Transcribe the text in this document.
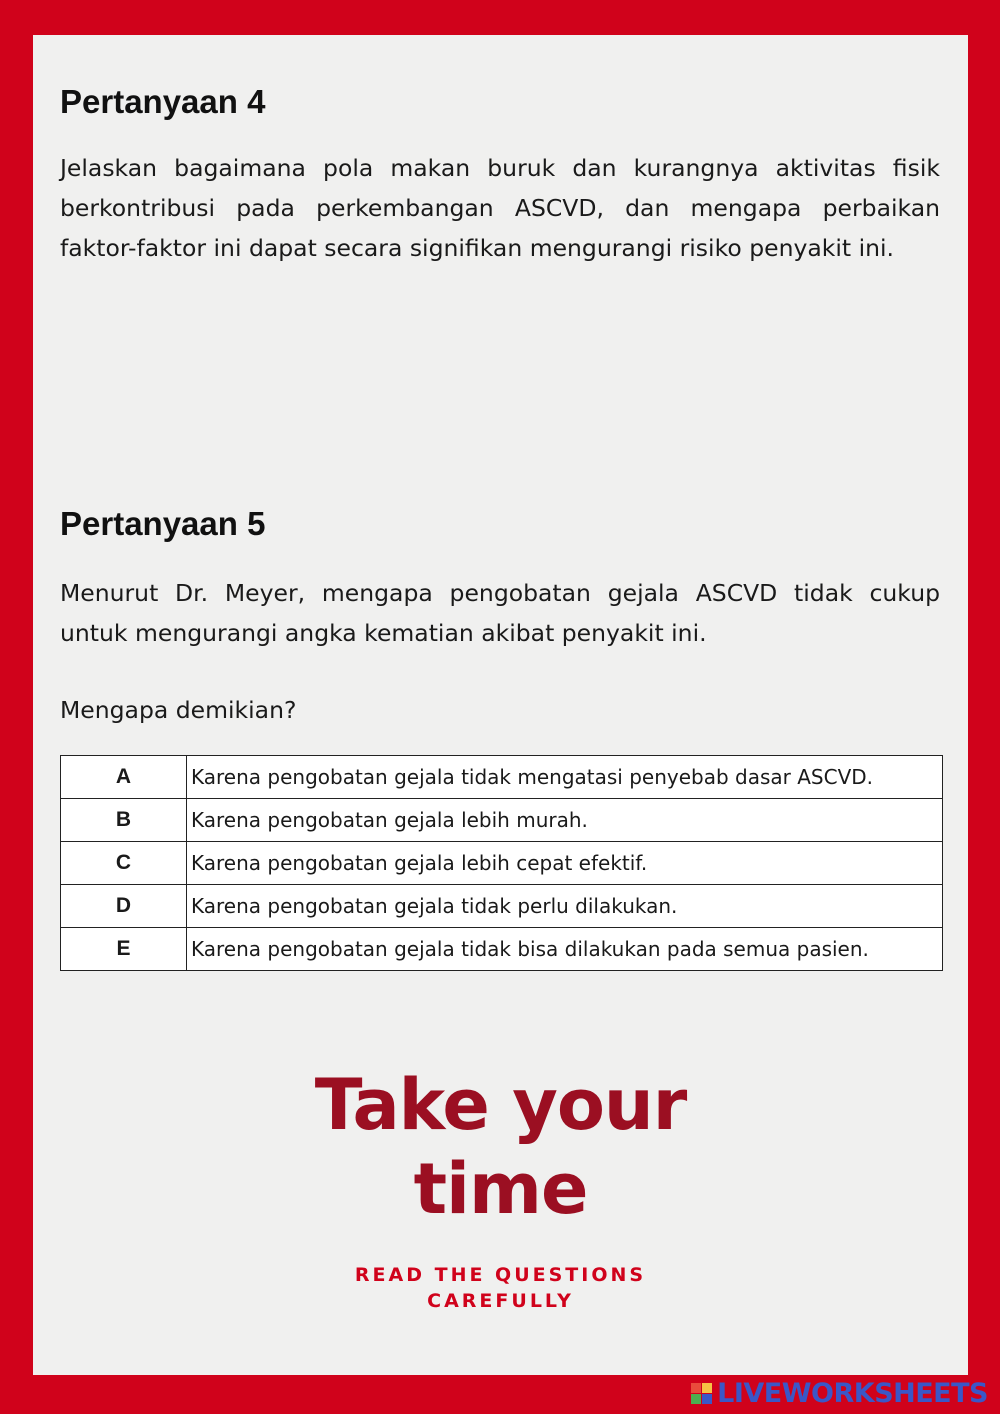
Pertanyaan 4

Jelaskan bagaimana pola makan buruk dan kurangnya aktivitas fisik berkontribusi pada perkembangan ASCVD, dan mengapa perbaikan faktor-faktor ini dapat secara signifikan mengurangi risiko penyakit ini.

Pertanyaan 5

Menurut Dr. Meyer, mengapa pengobatan gejala ASCVD tidak cukup untuk mengurangi angka kematian akibat penyakit ini.

Mengapa demikian?

A	Karena pengobatan gejala tidak mengatasi penyebab dasar ASCVD.
B	Karena pengobatan gejala lebih murah.
C	Karena pengobatan gejala lebih cepat efektif.
D	Karena pengobatan gejala tidak perlu dilakukan.
E	Karena pengobatan gejala tidak bisa dilakukan pada semua pasien.
Take your
time
READ THE QUESTIONS
CAREFULLY
LIVEWORKSHEETS
